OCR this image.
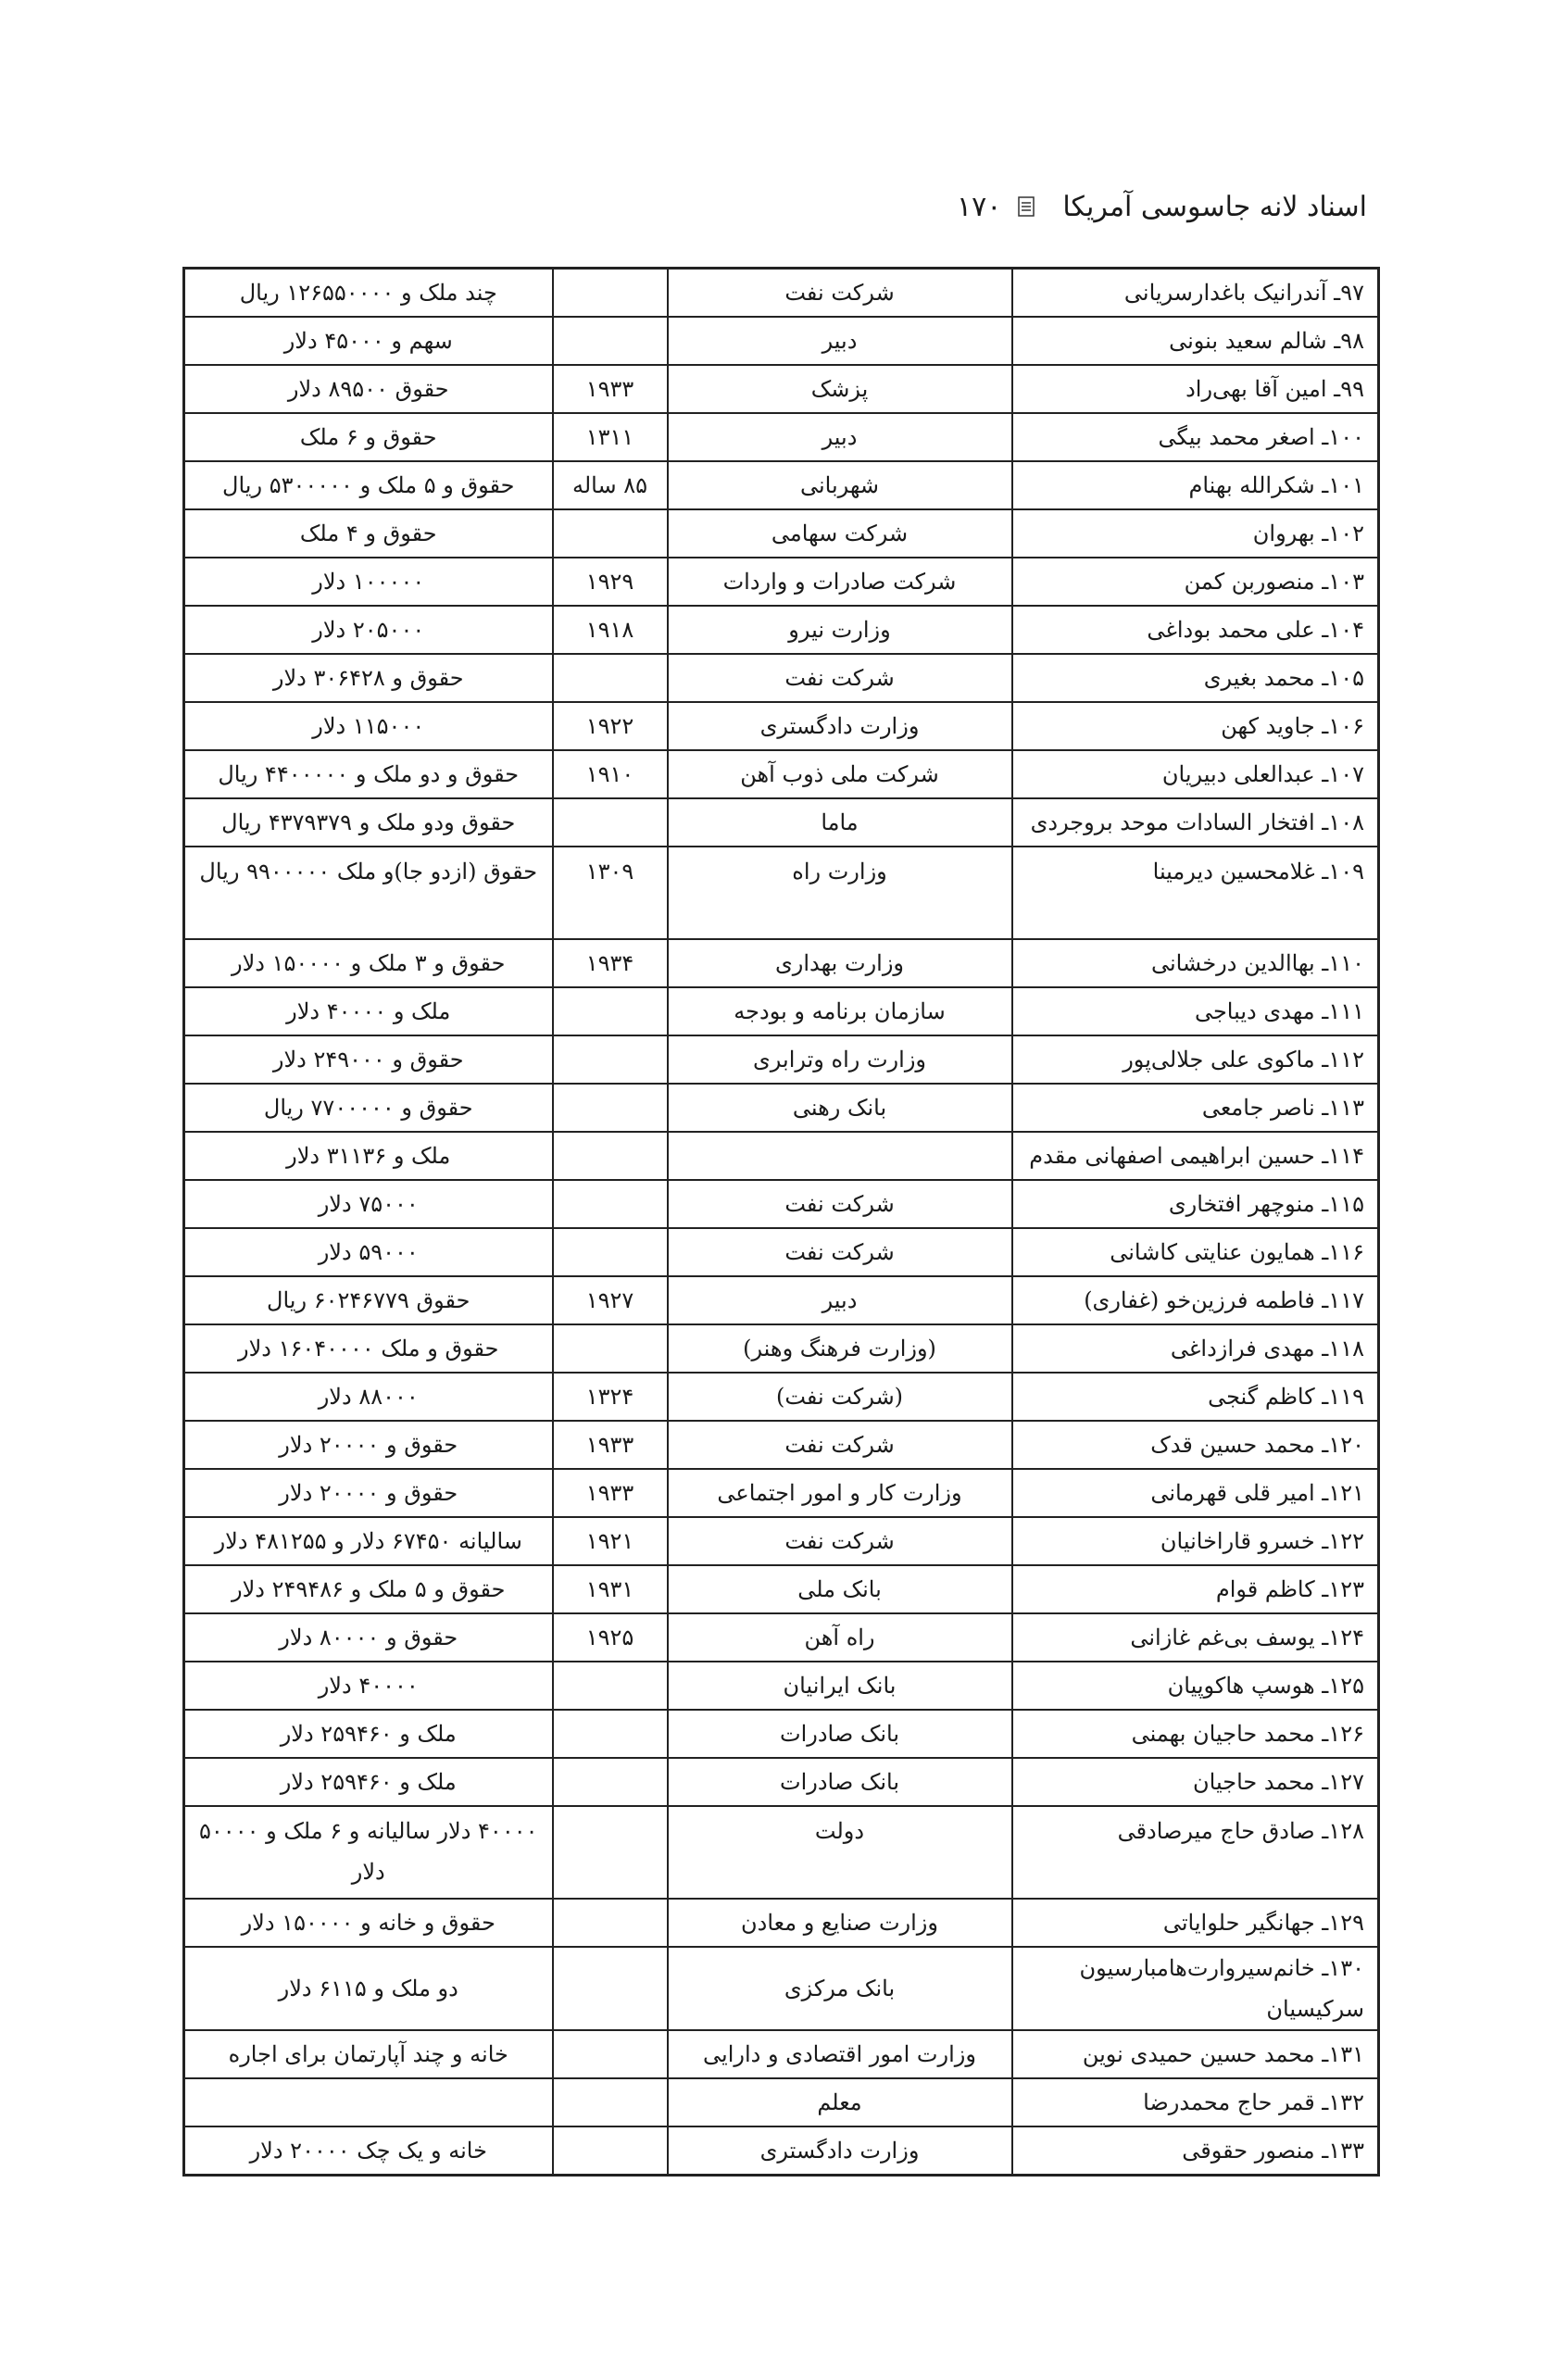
اسناد لانه جاسوسی آمریکا
۱۷۰
۹۷ـ آندرانیک باغدارسریانی	شرکت نفت		چند ملک و ۱۲۶۵۵۰۰۰۰ ریال
۹۸ـ شالم سعید بنونی	دبیر		سهم و ۴۵۰۰۰ دلار
۹۹ـ امین آقا بهی‌راد	پزشک	۱۹۳۳	حقوق ۸۹۵۰۰ دلار
۱۰۰ـ اصغر محمد بیگی	دبیر	۱۳۱۱	حقوق و ۶ ملک
۱۰۱ـ شکرالله بهنام	شهربانی	۸۵ ساله	حقوق و ۵ ملک و ۵۳۰۰۰۰۰ ریال
۱۰۲ـ بهروان	شرکت سهامی		حقوق و ۴ ملک
۱۰۳ـ منصوربن کمن	شرکت صادرات و واردات	۱۹۲۹	۱۰۰۰۰۰ دلار
۱۰۴ـ علی محمد بوداغی	وزارت نیرو	۱۹۱۸	۲۰۵۰۰۰ دلار
۱۰۵ـ محمد بغیری	شرکت نفت		حقوق و ۳۰۶۴۲۸ دلار
۱۰۶ـ جاوید کهن	وزارت دادگستری	۱۹۲۲	۱۱۵۰۰۰ دلار
۱۰۷ـ عبدالعلی دبیریان	شرکت ملی ذوب آهن	۱۹۱۰	حقوق و دو ملک و ۴۴۰۰۰۰۰ ریال
۱۰۸ـ افتخار السادات موحد بروجردی	ماما		حقوق ودو ملک و ۴۳۷۹۳۷۹ ریال
۱۰۹ـ غلامحسین دیرمینا	وزارت راه	۱۳۰۹	حقوق (ازدو جا)و ملک ۹۹۰۰۰۰۰ ریال
۱۱۰ـ بهاالدین درخشانی	وزارت بهداری	۱۹۳۴	حقوق و ۳ ملک و ۱۵۰۰۰۰ دلار
۱۱۱ـ مهدی دیباجی	سازمان برنامه و بودجه		ملک و ۴۰۰۰۰ دلار
۱۱۲ـ ماکوی علی جلالی‌پور	وزارت راه وترابری		حقوق و ۲۴۹۰۰۰ دلار
۱۱۳ـ ناصر جامعی	بانک رهنی		حقوق و ۷۷۰۰۰۰۰ ریال
۱۱۴ـ حسین ابراهیمی اصفهانی مقدم			ملک و ۳۱۱۳۶ دلار
۱۱۵ـ منوچهر افتخاری	شرکت نفت		۷۵۰۰۰ دلار
۱۱۶ـ همایون عنایتی کاشانی	شرکت نفت		۵۹۰۰۰ دلار
۱۱۷ـ فاطمه فرزین‌خو (غفاری)	دبیر	۱۹۲۷	حقوق ۶۰۲۴۶۷۷۹ ریال
۱۱۸ـ مهدی فرازداغی	(وزارت فرهنگ وهنر)		حقوق و ملک ۱۶۰۴۰۰۰۰ دلار
۱۱۹ـ کاظم گنجی	(شرکت نفت)	۱۳۲۴	۸۸۰۰۰ دلار
۱۲۰ـ محمد حسین قدک	شرکت نفت	۱۹۳۳	حقوق و ۲۰۰۰۰ دلار
۱۲۱ـ امیر قلی قهرمانی	وزارت کار و امور اجتماعی	۱۹۳۳	حقوق و ۲۰۰۰۰ دلار
۱۲۲ـ خسرو قاراخانیان	شرکت نفت	۱۹۲۱	سالیانه ۶۷۴۵۰ دلار و ۴۸۱۲۵۵ دلار
۱۲۳ـ کاظم قوام	بانک ملی	۱۹۳۱	حقوق و ۵ ملک و ۲۴۹۴۸۶ دلار
۱۲۴ـ یوسف بی‌غم غازانی	راه آهن	۱۹۲۵	حقوق و ۸۰۰۰۰ دلار
۱۲۵ـ هوسپ هاکوپیان	بانک ایرانیان		۴۰۰۰۰ دلار
۱۲۶ـ محمد حاجیان بهمنی	بانک صادرات		ملک و ۲۵۹۴۶۰ دلار
۱۲۷ـ محمد حاجیان	بانک صادرات		ملک و ۲۵۹۴۶۰ دلار
۱۲۸ـ صادق حاج میرصادقی	دولت		۴۰۰۰۰ دلار سالیانه و ۶ ملک و ۵۰۰۰۰ دلار
۱۲۹ـ جهانگیر حلوایاتی	وزارت صنایع و معادن		حقوق و خانه و ۱۵۰۰۰۰ دلار
۱۳۰ـ خانم‌سیروارت‌هامبارسیون سرکیسیان	بانک مرکزی		دو ملک و ۶۱۱۵ دلار
۱۳۱ـ محمد حسین حمیدی نوین	وزارت امور اقتصادی و دارایی		خانه و چند آپارتمان برای اجاره
۱۳۲ـ قمر حاج محمدرضا	معلم		
۱۳۳ـ منصور حقوقی	وزارت دادگستری		خانه و یک چک ۲۰۰۰۰ دلار
